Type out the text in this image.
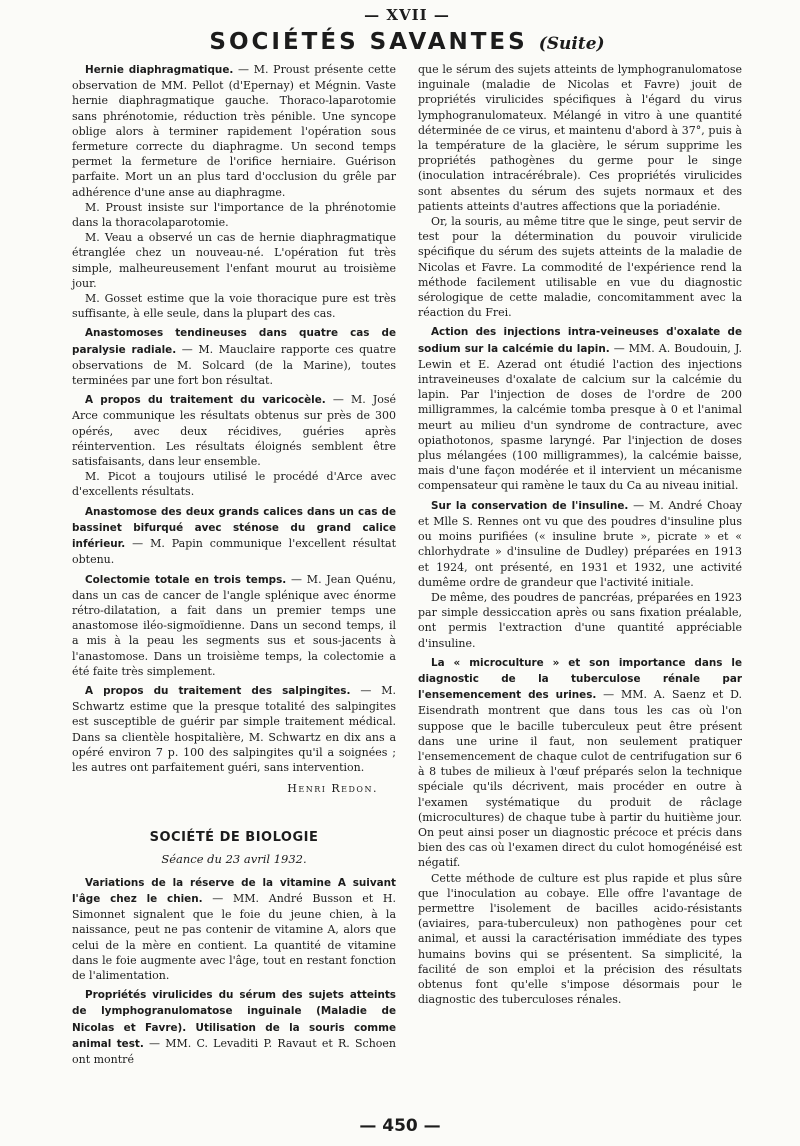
— XVII —
SOCIÉTÉS SAVANTES (Suite)

Hernie diaphragmatique. — M. Proust présente cette observation de MM. Pellot (d'Epernay) et Mégnin. Vaste hernie diaphragmatique gauche. Thoraco-laparotomie sans phrénotomie, réduction très pénible. Une syncope oblige alors à terminer rapidement l'opération sous fermeture correcte du diaphragme. Un second temps permet la fermeture de l'orifice herniaire. Guérison parfaite. Mort un an plus tard d'occlusion du grêle par adhérence d'une anse au diaphragme.

M. Proust insiste sur l'importance de la phrénotomie dans la thoracolaparotomie.

M. Veau a observé un cas de hernie diaphragmatique étranglée chez un nouveau-né. L'opération fut très simple, malheureusement l'enfant mourut au troisième jour.

M. Gosset estime que la voie thoracique pure est très suffisante, à elle seule, dans la plupart des cas.

Anastomoses tendineuses dans quatre cas de paralysie radiale. — M. Mauclaire rapporte ces quatre observations de M. Solcard (de la Marine), toutes terminées par une fort bon résultat.

A propos du traitement du varicocèle. — M. José Arce communique les résultats obtenus sur près de 300 opérés, avec deux récidives, guéries après réintervention. Les résultats éloignés semblent être satisfaisants, dans leur ensemble.

M. Picot a toujours utilisé le procédé d'Arce avec d'excellents résultats.

Anastomose des deux grands calices dans un cas de bassinet bifurqué avec sténose du grand calice inférieur. — M. Papin communique l'excellent résultat obtenu.

Colectomie totale en trois temps. — M. Jean Quénu, dans un cas de cancer de l'angle splénique avec énorme rétro-dilatation, a fait dans un premier temps une anastomose iléo-sigmoïdienne. Dans un second temps, il a mis à la peau les segments sus et sous-jacents à l'anastomose. Dans un troisième temps, la colectomie a été faite très simplement.

A propos du traitement des salpingites. — M. Schwartz estime que la presque totalité des salpingites est susceptible de guérir par simple traitement médical. Dans sa clientèle hospitalière, M. Schwartz en dix ans a opéré environ 7 p. 100 des salpingites qu'il a soignées ; les autres ont parfaitement guéri, sans intervention.

Henri Redon.
SOCIÉTÉ DE BIOLOGIE
Séance du 23 avril 1932.

Variations de la réserve de la vitamine A suivant l'âge chez le chien. — MM. André Busson et H. Simonnet signalent que le foie du jeune chien, à la naissance, peut ne pas contenir de vitamine A, alors que celui de la mère en contient. La quantité de vitamine dans le foie augmente avec l'âge, tout en restant fonction de l'alimentation.

Propriétés virulicides du sérum des sujets atteints de lymphogranulomatose inguinale (Maladie de Nicolas et Favre). Utilisation de la souris comme animal test. — MM. C. Levaditi P. Ravaut et R. Schoen ont montré

que le sérum des sujets atteints de lymphogranulomatose inguinale (maladie de Nicolas et Favre) jouit de propriétés virulicides spécifiques à l'égard du virus lymphogranulomateux. Mélangé in vitro à une quantité déterminée de ce virus, et maintenu d'abord à 37°, puis à la température de la glacière, le sérum supprime les propriétés pathogènes du germe pour le singe (inoculation intracérébrale). Ces propriétés virulicides sont absentes du sérum des sujets normaux et des patients atteints d'autres affections que la poriadénie.

Or, la souris, au même titre que le singe, peut servir de test pour la détermination du pouvoir virulicide spécifique du sérum des sujets atteints de la maladie de Nicolas et Favre. La commodité de l'expérience rend la méthode facilement utilisable en vue du diagnostic sérologique de cette maladie, concomitamment avec la réaction du Frei.

Action des injections intra-veineuses d'oxalate de sodium sur la calcémie du lapin. — MM. A. Boudouin, J. Lewin et E. Azerad ont étudié l'action des injections intraveineuses d'oxalate de calcium sur la calcémie du lapin. Par l'injection de doses de l'ordre de 200 milligrammes, la calcémie tomba presque à 0 et l'animal meurt au milieu d'un syndrome de contracture, avec opiathotonos, spasme laryngé. Par l'injection de doses plus mélangées (100 milligrammes), la calcémie baisse, mais d'une façon modérée et il intervient un mécanisme compensateur qui ramène le taux du Ca au niveau initial.

Sur la conservation de l'insuline. — M. André Choay et Mlle S. Rennes ont vu que des poudres d'insuline plus ou moins purifiées (« insuline brute », picrate » et « chlorhydrate » d'insuline de Dudley) préparées en 1913 et 1924, ont présenté, en 1931 et 1932, une activité dumême ordre de grandeur que l'activité initiale.

De même, des poudres de pancréas, préparées en 1923 par simple dessiccation après ou sans fixation préalable, ont permis l'extraction d'une quantité appréciable d'insuline.

La « microculture » et son importance dans le diagnostic de la tuberculose rénale par l'ensemencement des urines. — MM. A. Saenz et D. Eisendrath montrent que dans tous les cas où l'on suppose que le bacille tuberculeux peut être présent dans une urine il faut, non seulement pratiquer l'ensemencement de chaque culot de centrifugation sur 6 à 8 tubes de milieux à l'œuf préparés selon la technique spéciale qu'ils décrivent, mais procéder en outre à l'examen systématique du produit de râclage (microcultures) de chaque tube à partir du huitième jour. On peut ainsi poser un diagnostic précoce et précis dans bien des cas où l'examen direct du culot homogénéisé est négatif.

Cette méthode de culture est plus rapide et plus sûre que l'inoculation au cobaye. Elle offre l'avantage de permettre l'isolement de bacilles acido-résistants (aviaires, para-tuberculeux) non pathogènes pour cet animal, et aussi la caractérisation immédiate des types humains bovins qui se présentent. Sa simplicité, la facilité de son emploi et la précision des résultats obtenus font qu'elle s'impose désormais pour le diagnostic des tuberculoses rénales.

— 450 —
